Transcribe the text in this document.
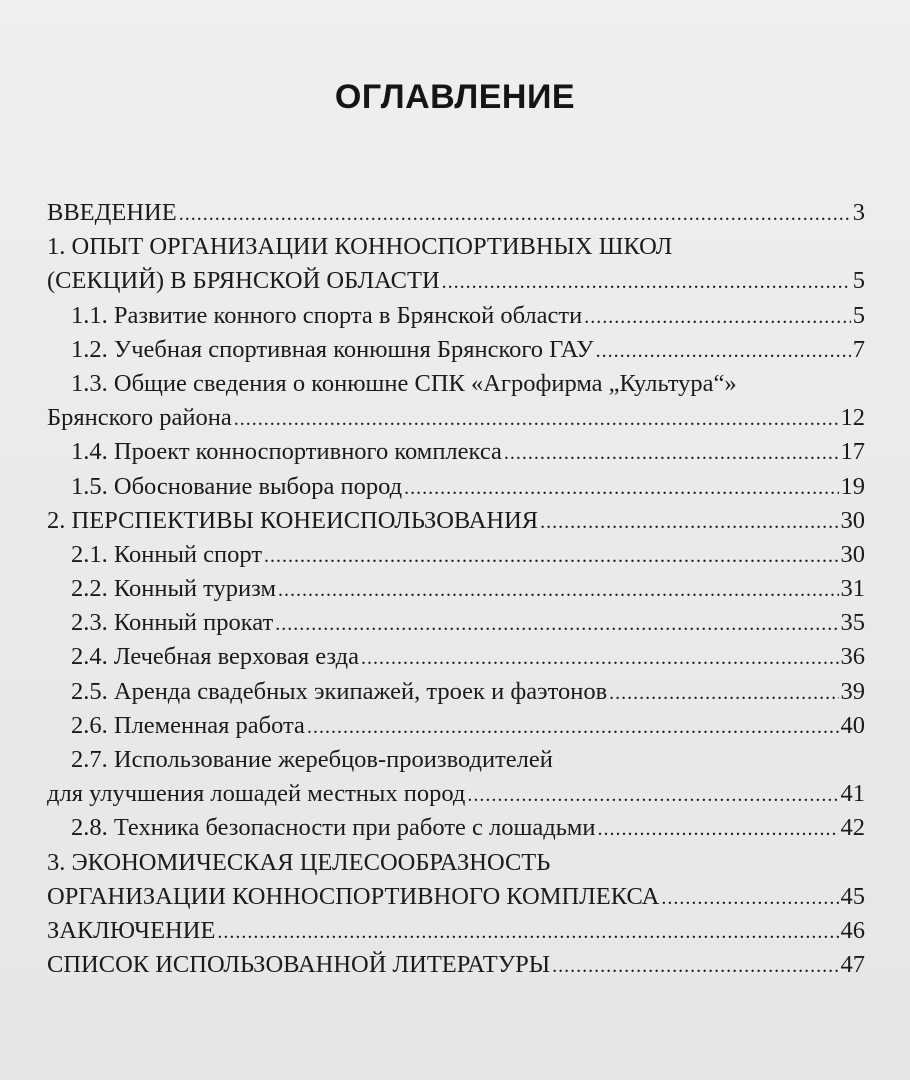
ОГЛАВЛЕНИЕ
ВВЕДЕНИЕ .....	3
1. ОПЫТ ОРГАНИЗАЦИИ КОННОСПОРТИВНЫХ ШКОЛ
(СЕКЦИЙ) В БРЯНСКОЙ ОБЛАСТИ .....	5
1.1. Развитие конного спорта в Брянской области .....	5
1.2. Учебная спортивная конюшня Брянского ГАУ .....	7
1.3. Общие сведения о конюшне СПК «Агрофирма „Культура“»
Брянского района .....	12
1.4. Проект конноспортивного комплекса .....	17
1.5. Обоснование выбора пород .....	19
2. ПЕРСПЕКТИВЫ КОНЕИСПОЛЬЗОВАНИЯ .....	30
2.1. Конный спорт .....	30
2.2. Конный туризм .....	31
2.3. Конный прокат .....	35
2.4. Лечебная верховая езда .....	36
2.5. Аренда свадебных экипажей, троек и фаэтонов .....	39
2.6. Племенная работа .....	40
2.7. Использование жеребцов-производителей
для улучшения лошадей местных пород .....	41
2.8. Техника безопасности при работе с лошадьми .....	42
3. ЭКОНОМИЧЕСКАЯ ЦЕЛЕСООБРАЗНОСТЬ
ОРГАНИЗАЦИИ КОННОСПОРТИВНОГО КОМПЛЕКСА .....	45
ЗАКЛЮЧЕНИЕ .....	46
СПИСОК ИСПОЛЬЗОВАННОЙ ЛИТЕРАТУРЫ .....	47
